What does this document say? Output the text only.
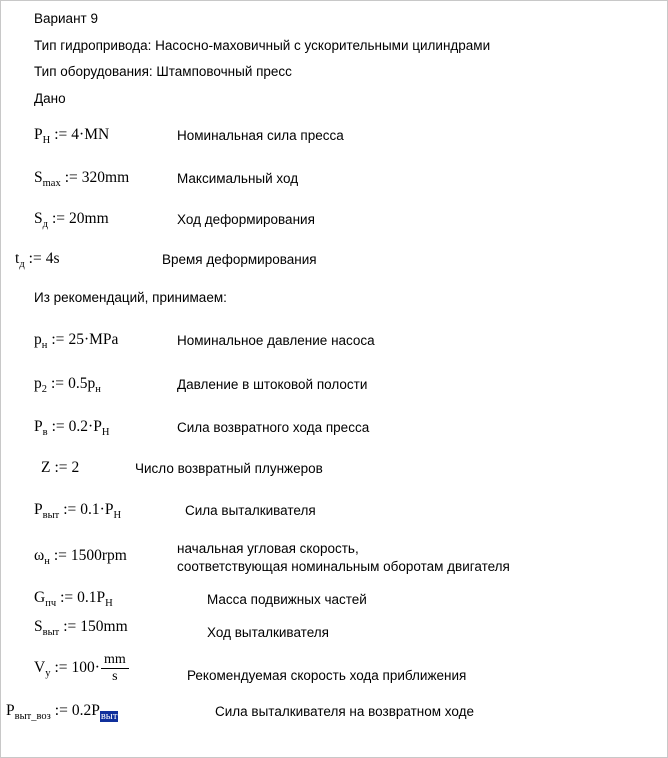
Вариант 9
Тип гидропривода: Насосно-маховичный с ускорительными цилиндрами
Тип оборудования: Штамповочный пресс
Дано
$P_Н$ := 4·MN	Номинальная сила пресса
$S_{max}$ := 320mm	Максимальный ход
$S_д$ := 20mm	Ход деформирования
$t_д$ := 4s	Время деформирования
Из рекомендаций, принимаем:
$p_н$ := 25·MPa	Номинальное давление насоса
$p_2$ := $0.5p_н$	Давление в штоковой полости
$P_в$ := $0.2\cdot P_Н$	Сила возвратного хода пресса
Z := 2	Число возвратный плунжеров
$P_{выт}$ := $0.1\cdot P_Н$	Сила выталкивателя
$\omega_н$ := 1500rpm	начальная угловая скорость,
соответствующая номинальным оборотам двигателя
$G_{пч}$ := $0.1P_Н$	Масса подвижных частей
$S_{выт}$ := 150mm	Ход выталкивателя
$V_у$ := $100\cdot \frac{mm}{s}$	Рекомендуемая скорость хода приближения
$P_{выт\_воз}$ := $0.2P_{выт}$	Сила выталкивателя на возвратном ходе
